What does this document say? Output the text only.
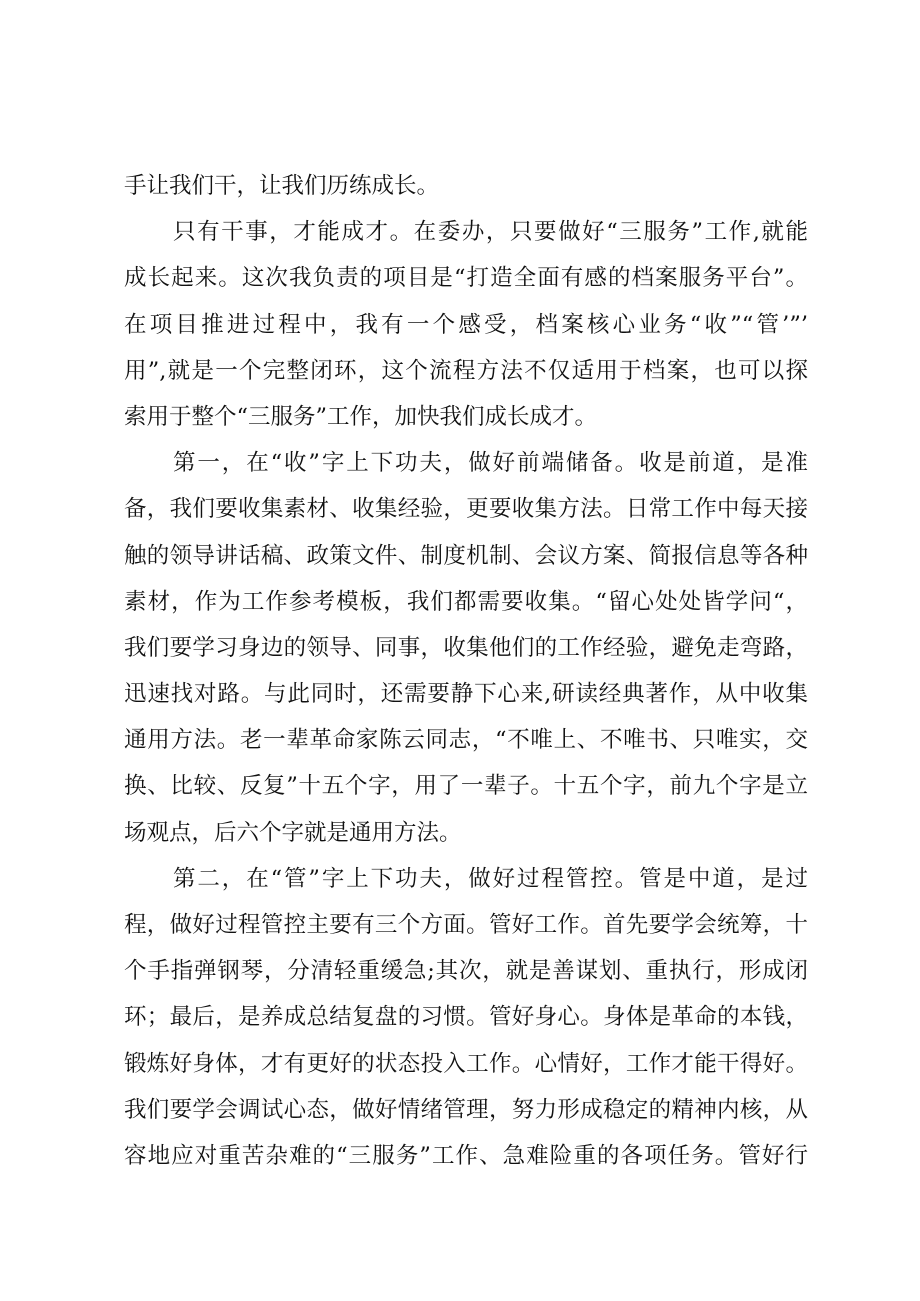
手让我们干，让我们历练成长。
只有干事，才能成才。在委办，只要做好“三服务”工作,就能
成长起来。这次我负责的项目是“打造全面有感的档案服务平台”。
在项目推进过程中，我有一个感受，档案核心业务“收”“管’”’
用”,就是一个完整闭环，这个流程方法不仅适用于档案，也可以探
索用于整个“三服务”工作，加快我们成长成才。
第一，在“收”字上下功夫，做好前端储备。收是前道，是准
备，我们要收集素材、收集经验，更要收集方法。日常工作中每天接
触的领导讲话稿、政策文件、制度机制、会议方案、简报信息等各种
素材，作为工作参考模板，我们都需要收集。“留心处处皆学问“，
我们要学习身边的领导、同事，收集他们的工作经验，避免走弯路，
迅速找对路。与此同时，还需要静下心来,研读经典著作，从中收集
通用方法。老一辈革命家陈云同志，“不唯上、不唯书、只唯实，交
换、比较、反复”十五个字，用了一辈子。十五个字，前九个字是立
场观点，后六个字就是通用方法。
第二，在“管”字上下功夫，做好过程管控。管是中道，是过
程，做好过程管控主要有三个方面。管好工作。首先要学会统筹，十
个手指弹钢琴，分清轻重缓急;其次，就是善谋划、重执行，形成闭
环；最后，是养成总结复盘的习惯。管好身心。身体是革命的本钱，
锻炼好身体，才有更好的状态投入工作。心情好，工作才能干得好。
我们要学会调试心态，做好情绪管理，努力形成稳定的精神内核，从
容地应对重苦杂难的“三服务”工作、急难险重的各项任务。管好行
